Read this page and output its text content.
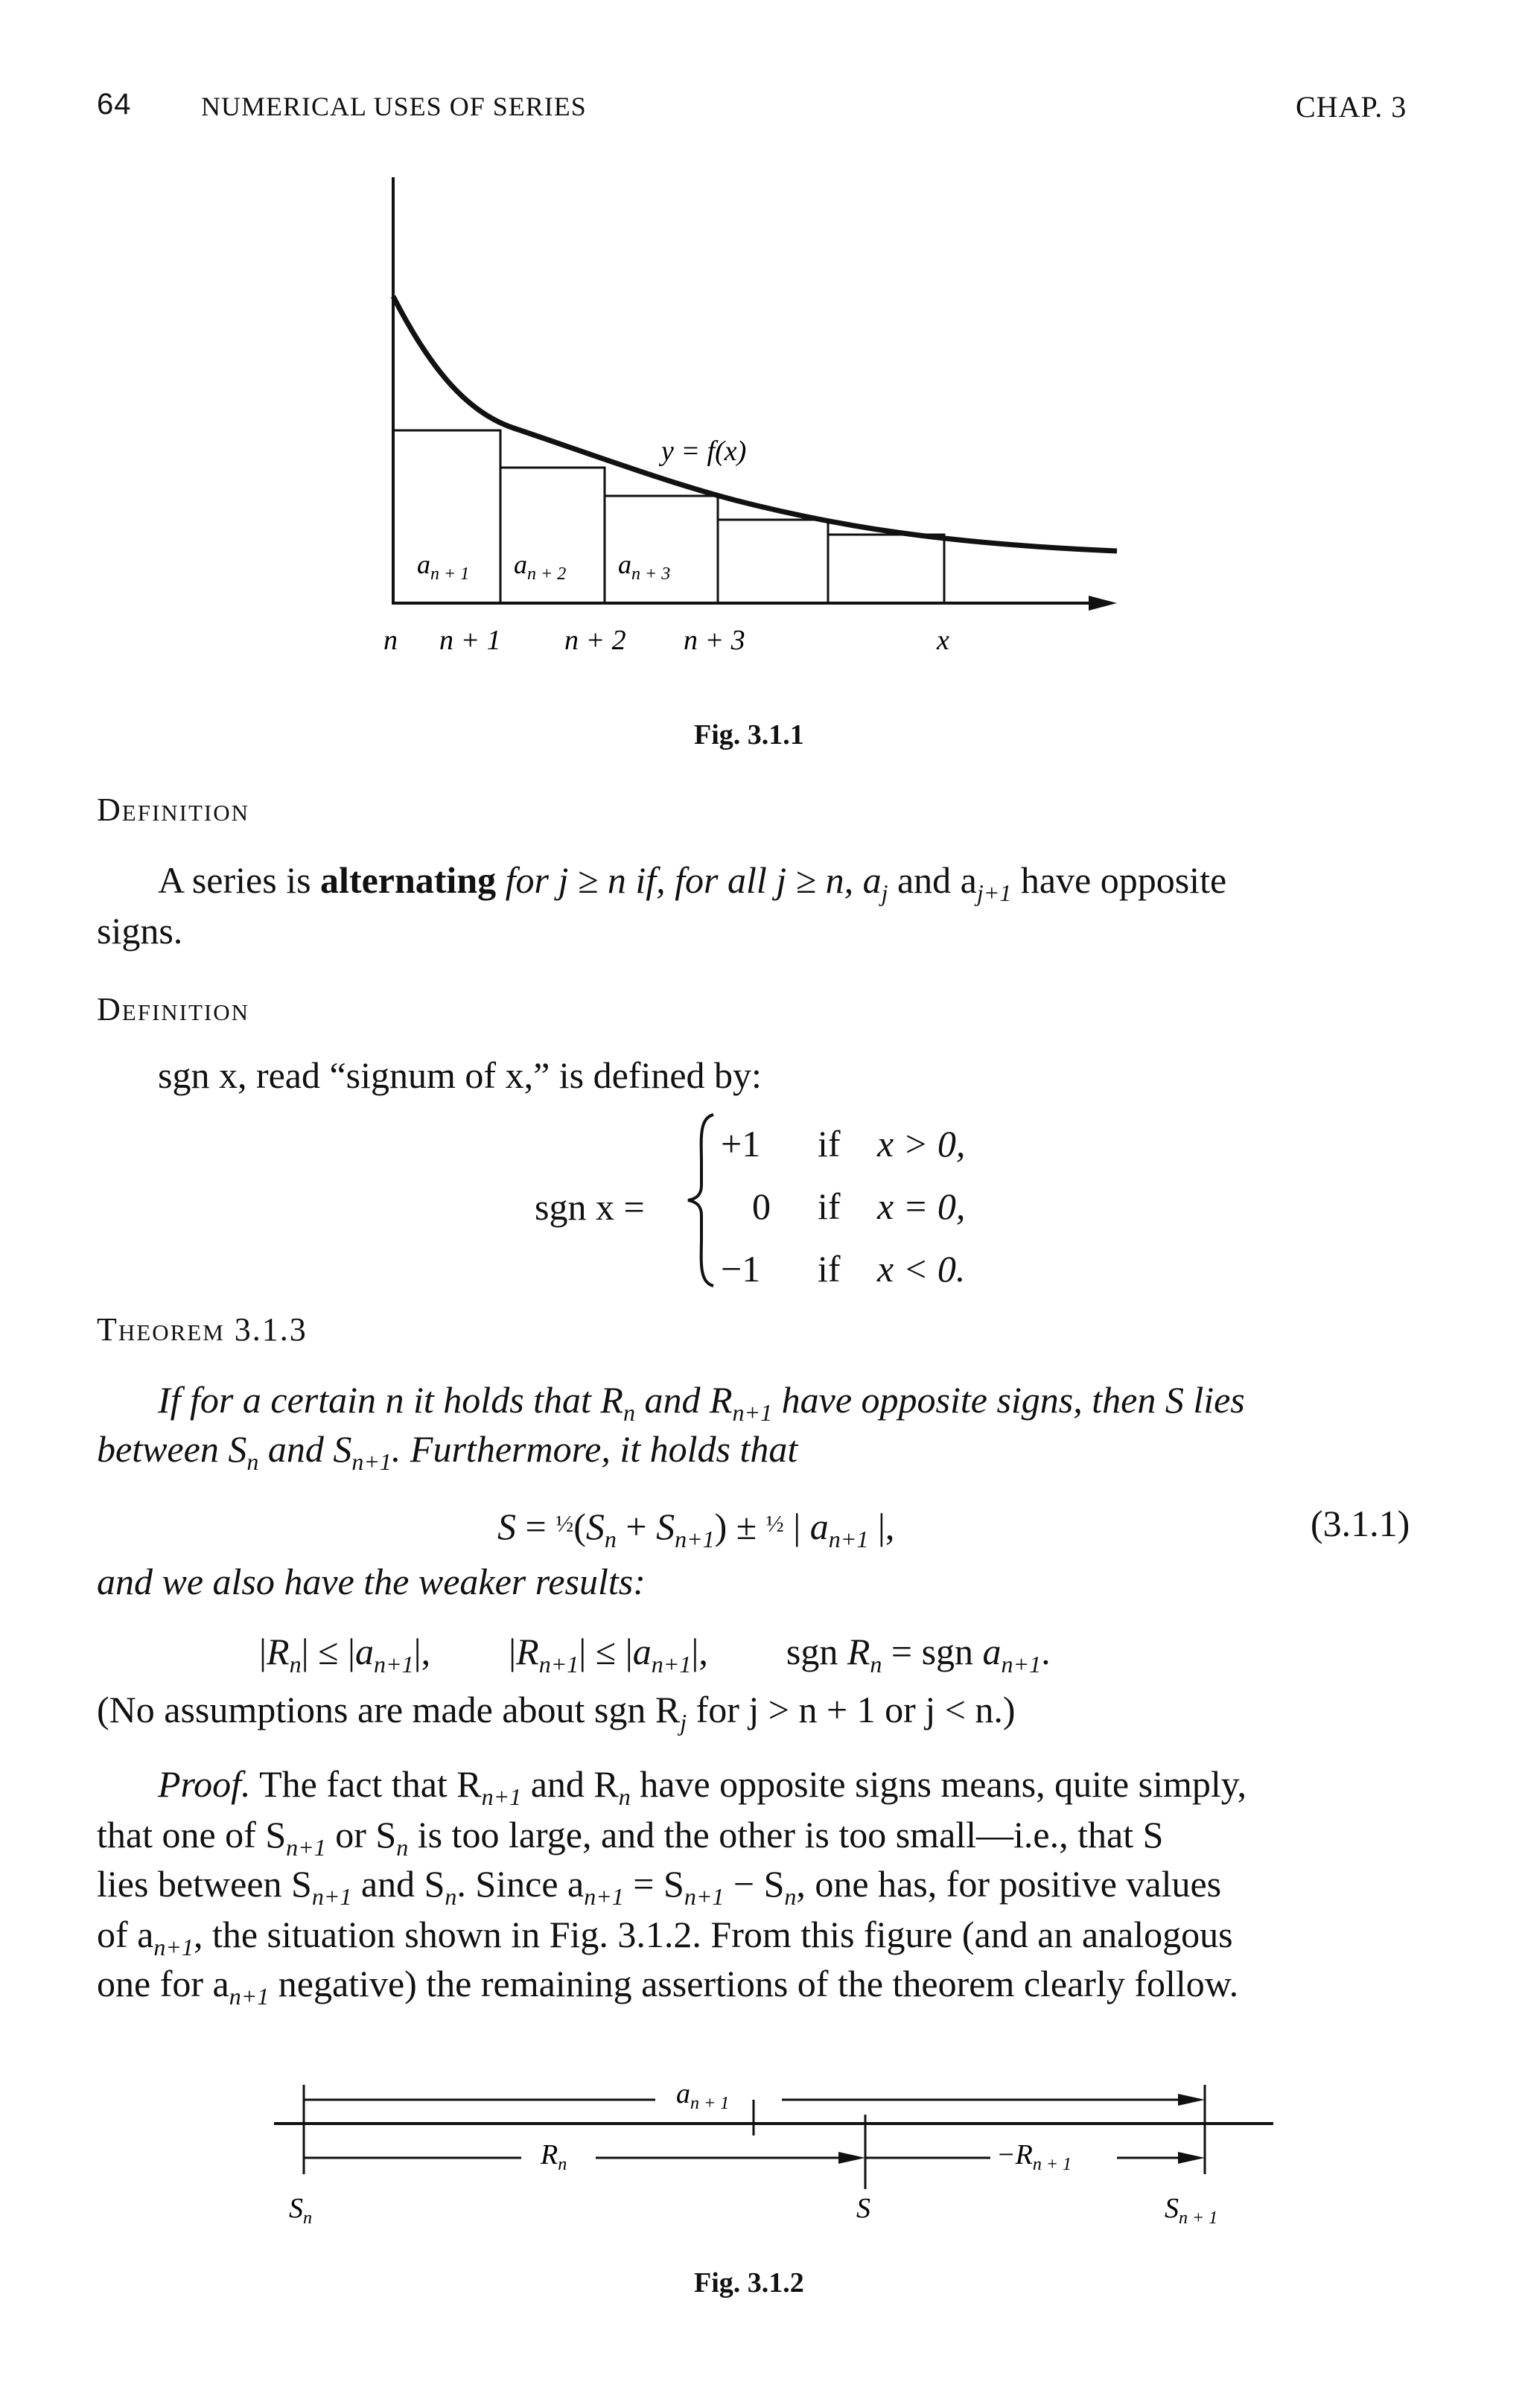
64	NUMERICAL USES OF SERIES	CHAP. 3
y = f(x)
$a_{n + 1}$ $a_{n + 2}$ $a_{n + 3}$
n n + 1 n + 2 n + 3	x
Fig. 3.1.1
Definition
A series is alternating for j ≥ n if, for all j ≥ n, $a_j$ and $a_{j+1}$ have opposite
signs.
Definition
sgn x, read “signum of x,” is defined by:
sgn x =
+1 if x > 0,
0 if x = 0,
−1 if x < 0.
Theorem 3.1.3
If for a certain n it holds that $R_n$ and $R_{n+1}$ have opposite signs, then S lies
between $S_n$ and $S_{n+1}$. Furthermore, it holds that
$S = ^{\frac{1}{2}}(S_n + S_{n+1}) \pm ^{\frac{1}{2}}$ | $a_{n+1}$ |,	(3.1.1)
and we also have the weaker results:
$|R_n| \le |a_{n+1}|$,  $|R_{n+1}| \le |a_{n+1}|$,  sgn $R_n$ = sgn $a_{n+1}$.
(No assumptions are made about sgn $R_j$ for j > n + 1 or j < n.)
Proof. The fact that $R_{n+1}$ and $R_n$ have opposite signs means, quite simply,
that one of $S_{n+1}$ or $S_n$ is too large, and the other is too small—i.e., that S
lies between $S_{n+1}$ and $S_n$. Since $a_{n+1} = S_{n+1} - S_n$, one has, for positive values
of $a_{n+1}$, the situation shown in Fig. 3.1.2. From this figure (and an analogous
one for $a_{n+1}$ negative) the remaining assertions of the theorem clearly follow.
$a_{n + 1}$
$R_n$	$-R_{n + 1}$
$S_n$	S	$S_{n + 1}$
Fig. 3.1.2
